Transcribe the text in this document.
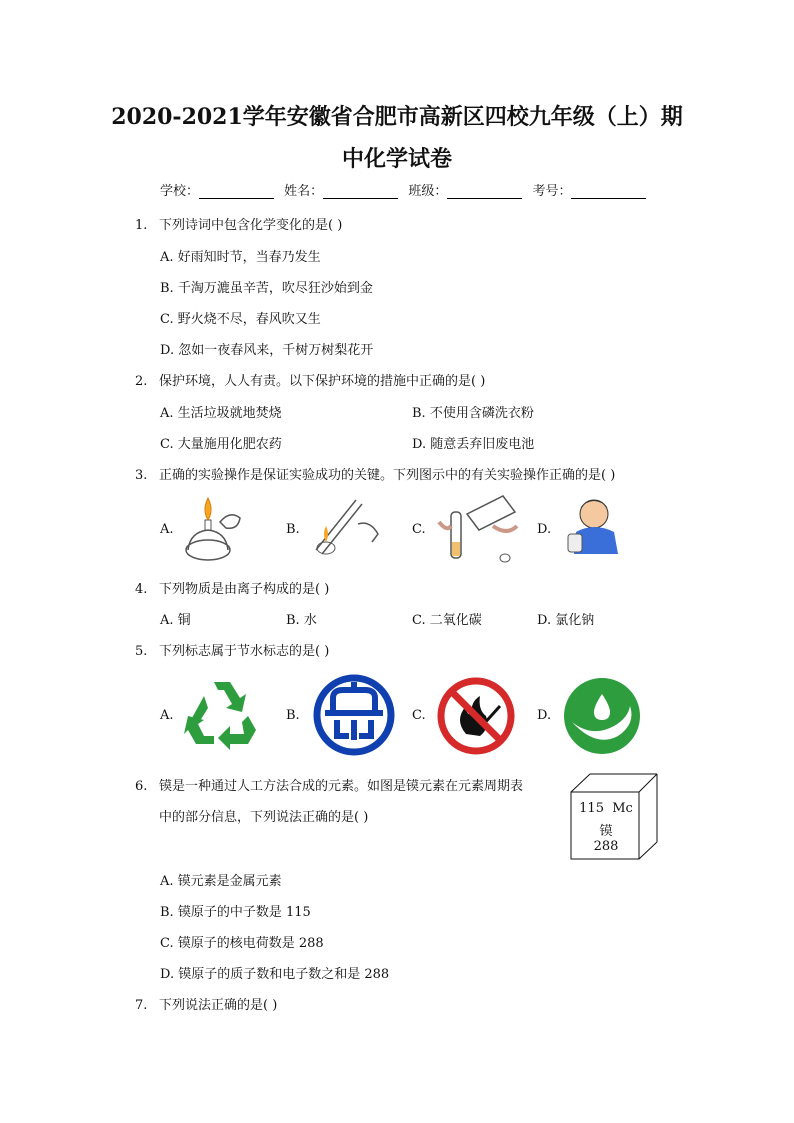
2020-2021学年安徽省合肥市高新区四校九年级（上）期
中化学试卷
学校：	姓名：	班级：	考号：
1. 下列诗词中包含化学变化的是( )
A. 好雨知时节，当春乃发生
B. 千淘万漉虽辛苦，吹尽狂沙始到金
C. 野火烧不尽，春风吹又生
D. 忽如一夜春风来，千树万树梨花开
2. 保护环境，人人有责。以下保护环境的措施中正确的是( )
A. 生活垃圾就地焚烧	B. 不使用含磷洗衣粉
C. 大量施用化肥农药	D. 随意丢弃旧废电池
3. 正确的实验操作是保证实验成功的关键。下列图示中的有关实验操作正确的是( )
A.	B.	C.	D.
4. 下列物质是由离子构成的是( )
A. 铜	B. 水	C. 二氧化碳	D. 氯化钠
5. 下列标志属于节水标志的是( )
A.	B.	C.	D.
6. 镆是一种通过人工方法合成的元素。如图是镆元素在元素周期表
中的部分信息，下列说法正确的是( )
115 Mc
镆
288
A. 镆元素是金属元素
B. 镆原子的中子数是 115
C. 镆原子的核电荷数是 288
D. 镆原子的质子数和电子数之和是 288
7. 下列说法正确的是( )
